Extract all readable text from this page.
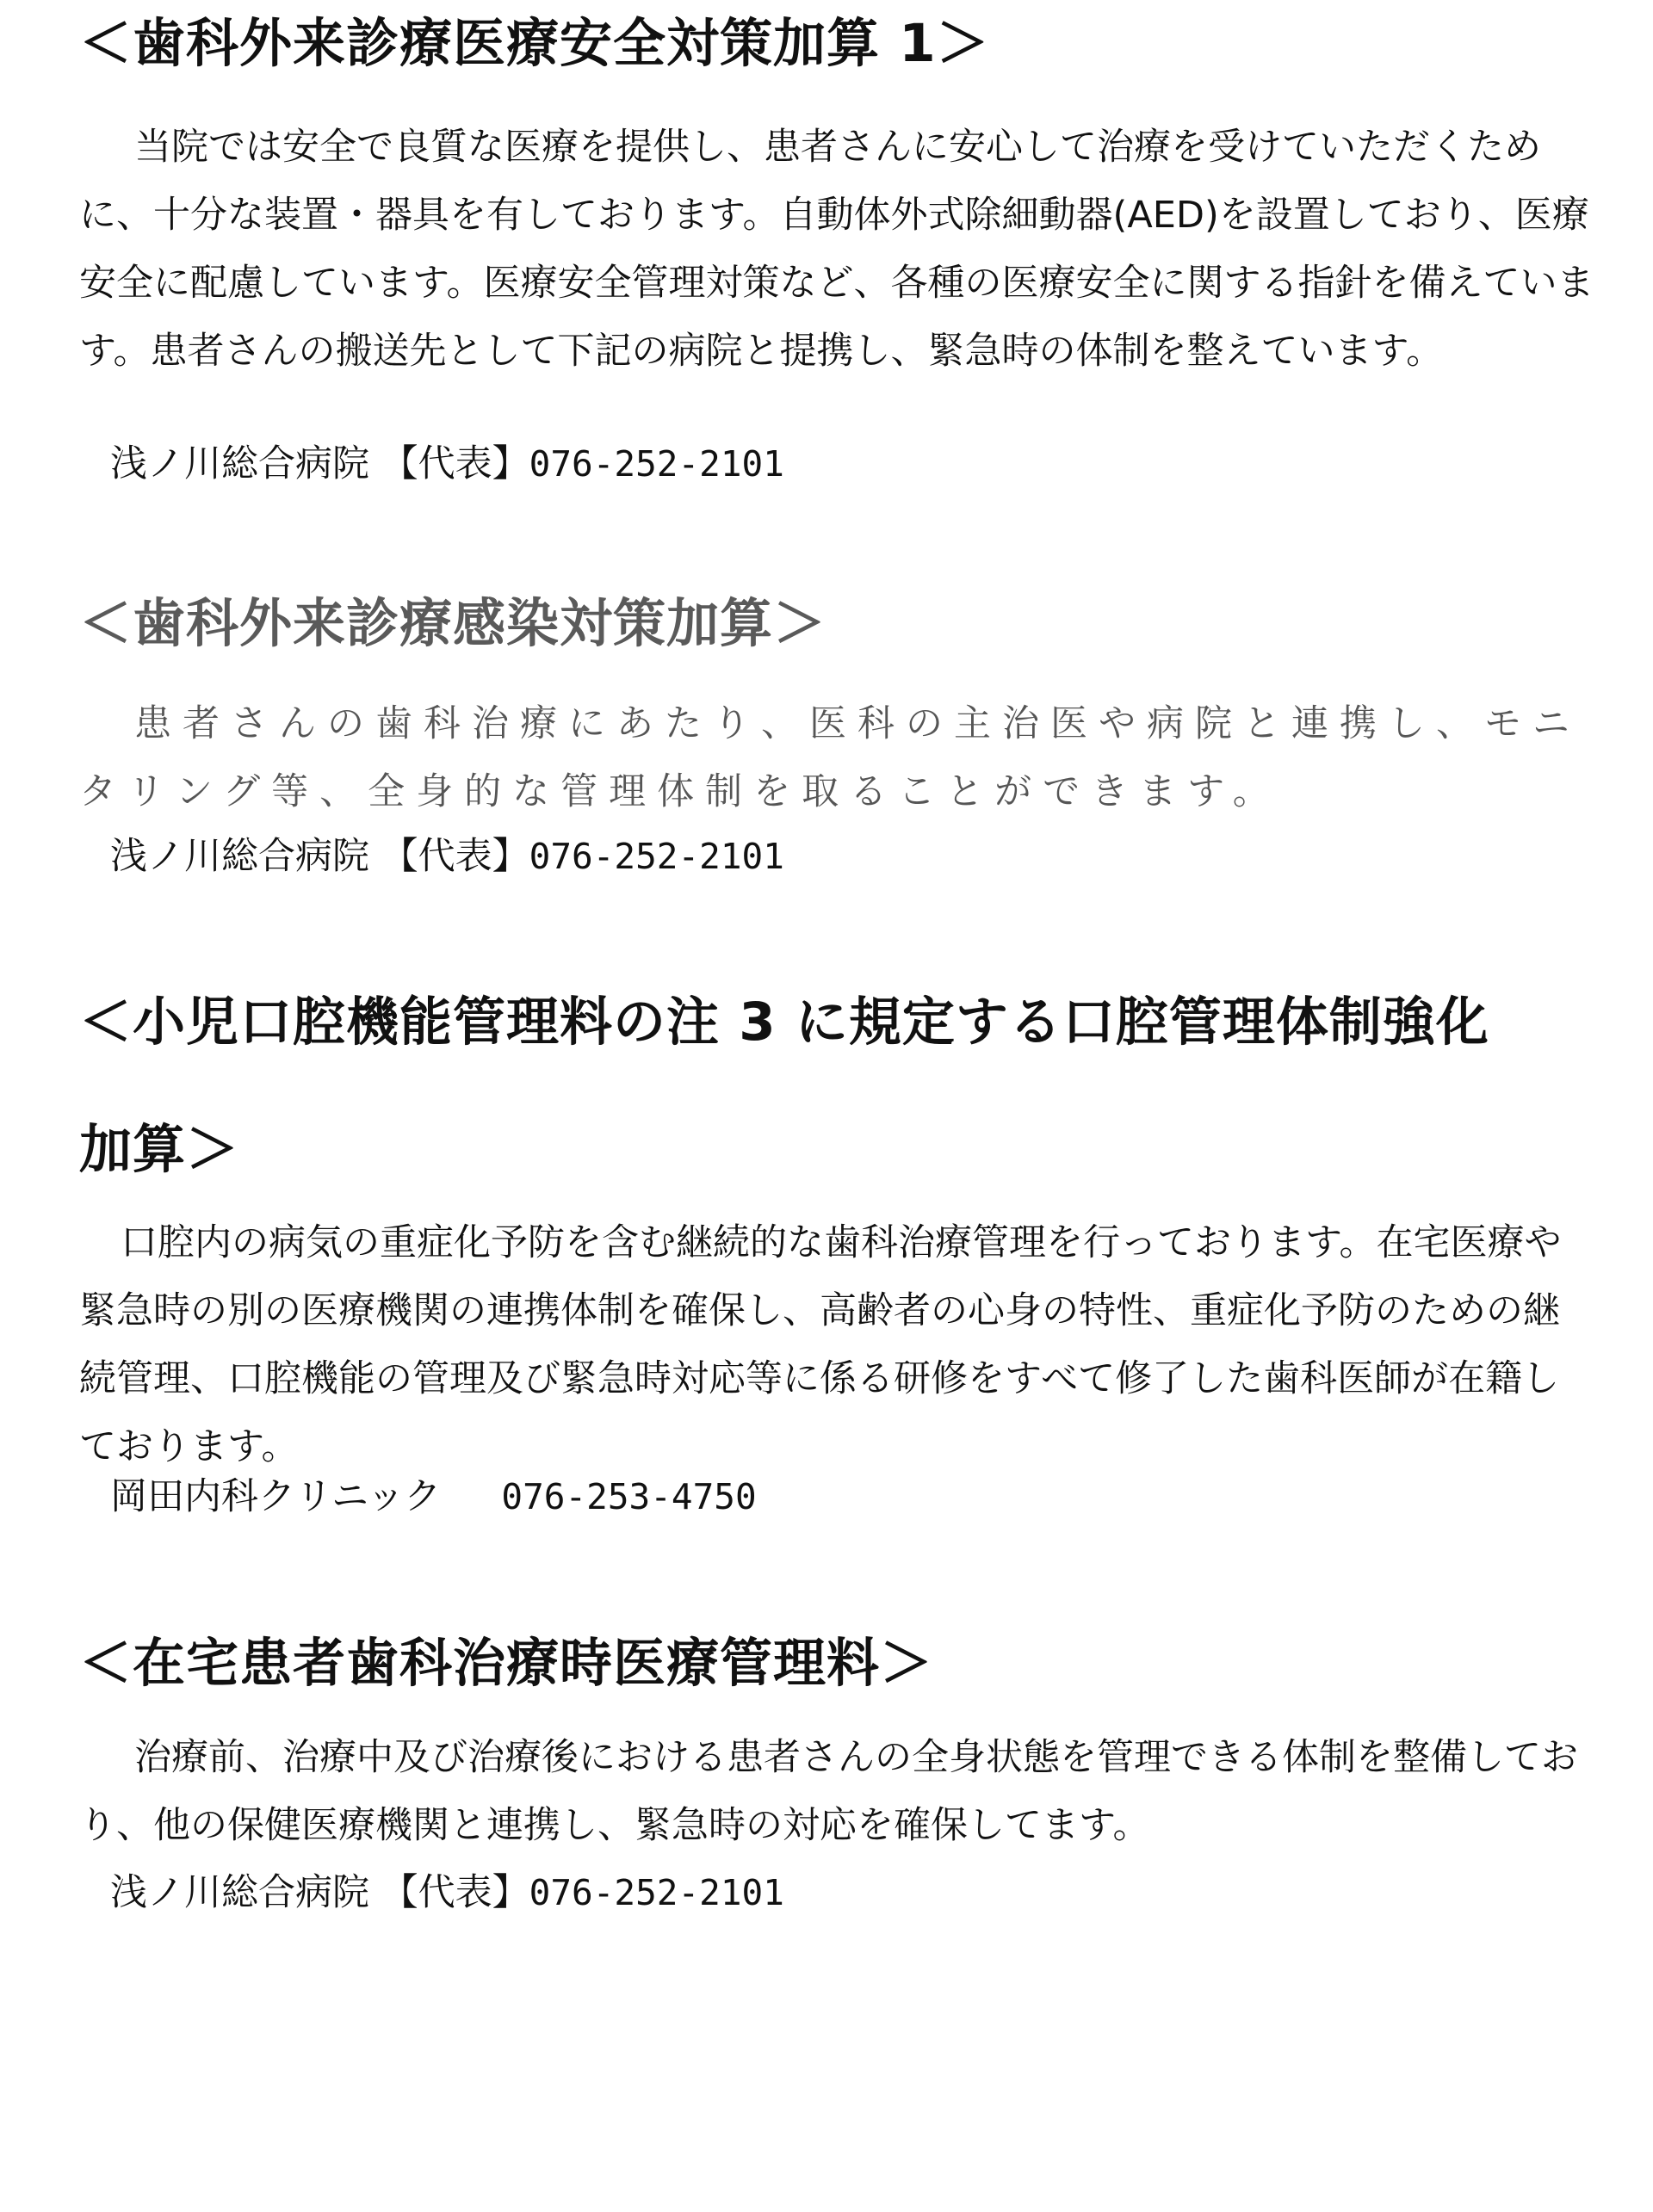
＜歯科外来診療医療安全対策加算 1＞

当院では安全で良質な医療を提供し、患者さんに安心して治療を受けていただくために、十分な装置・器具を有しております。自動体外式除細動器(AED)を設置しており、医療安全に配慮しています。医療安全管理対策など、各種の医療安全に関する指針を備えています。患者さんの搬送先として下記の病院と提携し、緊急時の体制を整えています。

浅ノ川総合病院 【代表】076-252-2101

＜歯科外来診療感染対策加算＞

患者さんの歯科治療にあたり、医科の主治医や病院と連携し、モニタリング等、全身的な管理体制を取ることができます。

浅ノ川総合病院 【代表】076-252-2101

＜小児口腔機能管理料の注 3 に規定する口腔管理体制強化
加算＞

口腔内の病気の重症化予防を含む継続的な歯科治療管理を行っております。在宅医療や緊急時の別の医療機関の連携体制を確保し、高齢者の心身の特性、重症化予防のための継続管理、口腔機能の管理及び緊急時対応等に係る研修をすべて修了した歯科医師が在籍しております。

岡田内科クリニック 076-253-4750

＜在宅患者歯科治療時医療管理料＞

治療前、治療中及び治療後における患者さんの全身状態を管理できる体制を整備しており、他の保健医療機関と連携し、緊急時の対応を確保してます。

浅ノ川総合病院 【代表】076-252-2101
